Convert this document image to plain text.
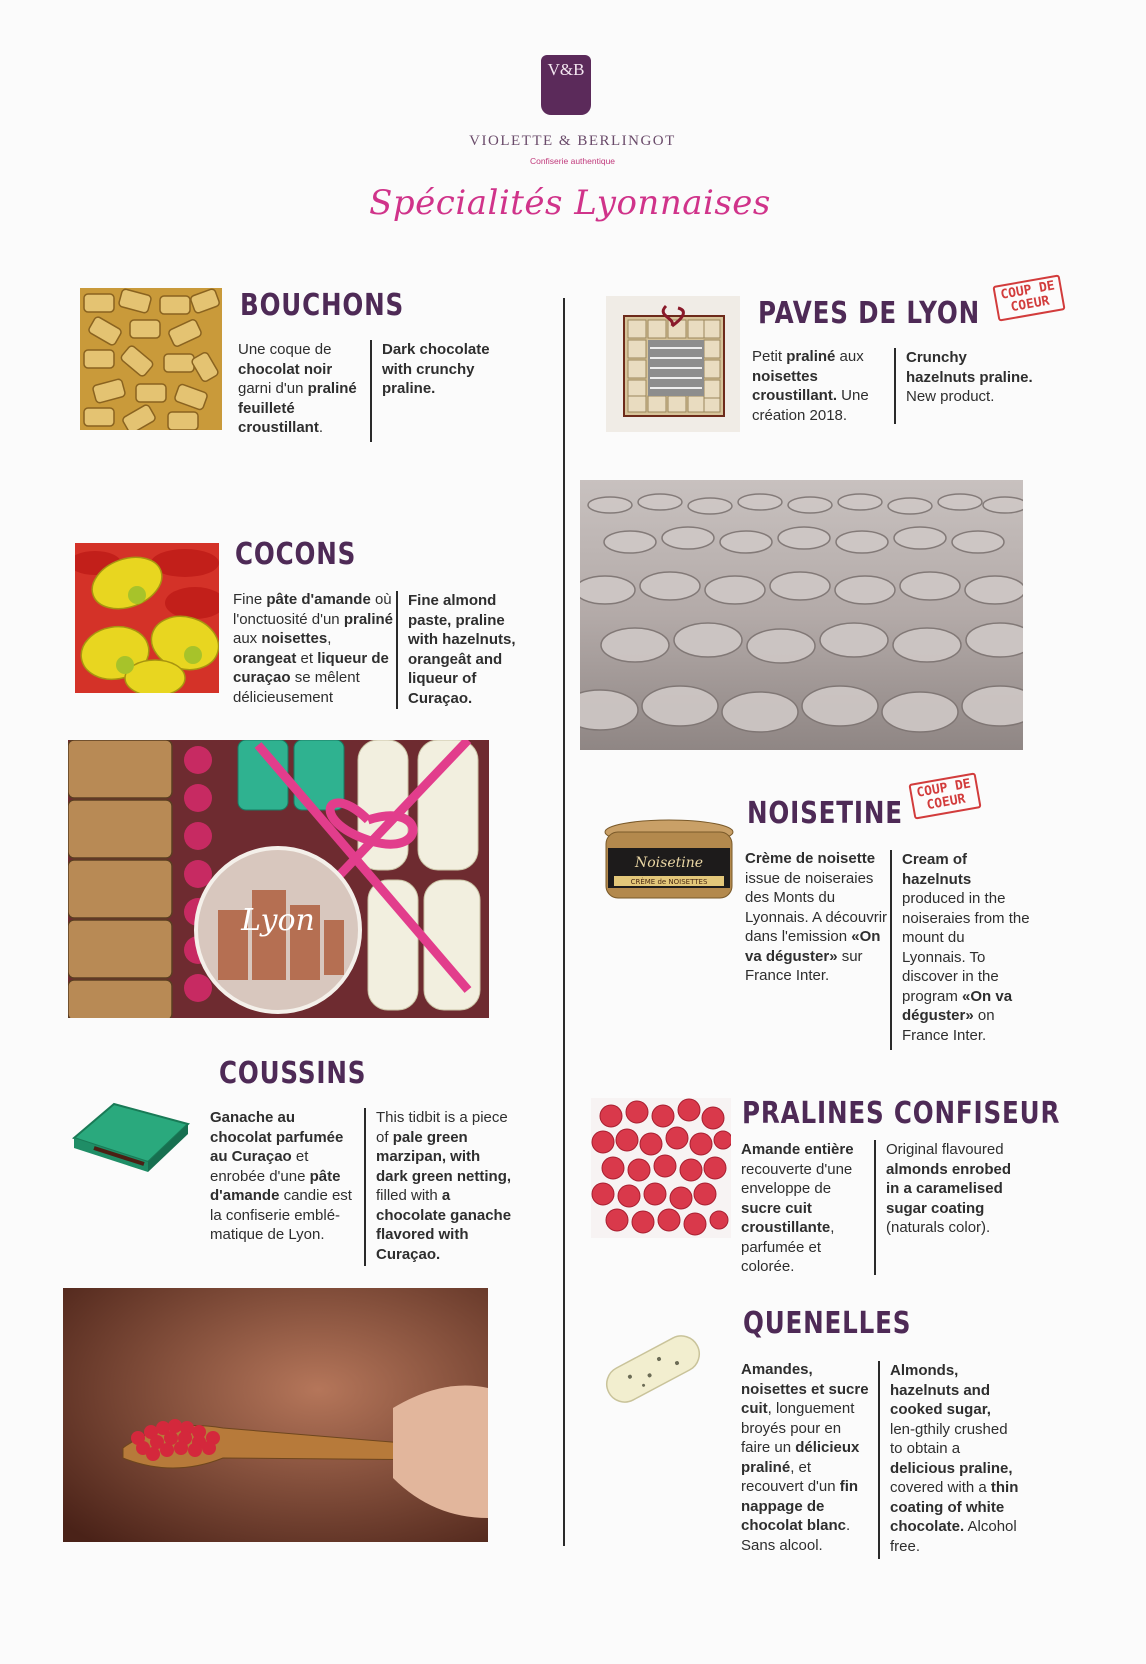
V&B
VIOLETTE & BERLINGOT
Confiserie authentique
Spécialités Lyonnaises
BOUCHONS
Une coque de chocolat noir garni d'un praliné feuilleté croustillant.
Dark chocolate with crunchy praline.
PAVES DE LYON
COUP DE COEUR
Petit praliné aux noisettes croustillant. Une création 2018.
Crunchy hazelnuts praline. New product.
COCONS
Fine pâte d'amande où l'onctuosité d'un praliné aux noisettes, orangeat et liqueur de curaçao se mêlent délicieusement
Fine almond paste, praline with hazelnuts, orangeât and liqueur of Curaçao.
Lyon
Noisetine
CRÈME de NOISETTES
NOISETINE
COUP DE COEUR
Crème de noisette issue de noiseraies des Monts du Lyonnais. A découvrir dans l'emission «On va déguster» sur France Inter.
Cream of hazelnuts produced in the noiseraies from the mount du Lyonnais. To discover in the program «On va déguster» on France Inter.
COUSSINS
Ganache au chocolat parfumée au Curaçao et enrobée d'une pâte d'amande candie est la confiserie emblé-matique de Lyon.
This tidbit is a piece of pale green marzipan, with dark green netting, filled with a chocolate ganache flavored with Curaçao.
PRALINES CONFISEUR
Amande entière recouverte d'une enveloppe de sucre cuit croustillante, parfumée et colorée.
Original flavoured almonds enrobed in a caramelised sugar coating (naturals color).
QUENELLES
Amandes, noisettes et sucre cuit, longuement broyés pour en faire un délicieux praliné, et recouvert d'un fin nappage de chocolat blanc. Sans alcool.
Almonds, hazelnuts and cooked sugar, len-gthily crushed to obtain a delicious praline, covered with a thin coating of white chocolate. Alcohol free.
